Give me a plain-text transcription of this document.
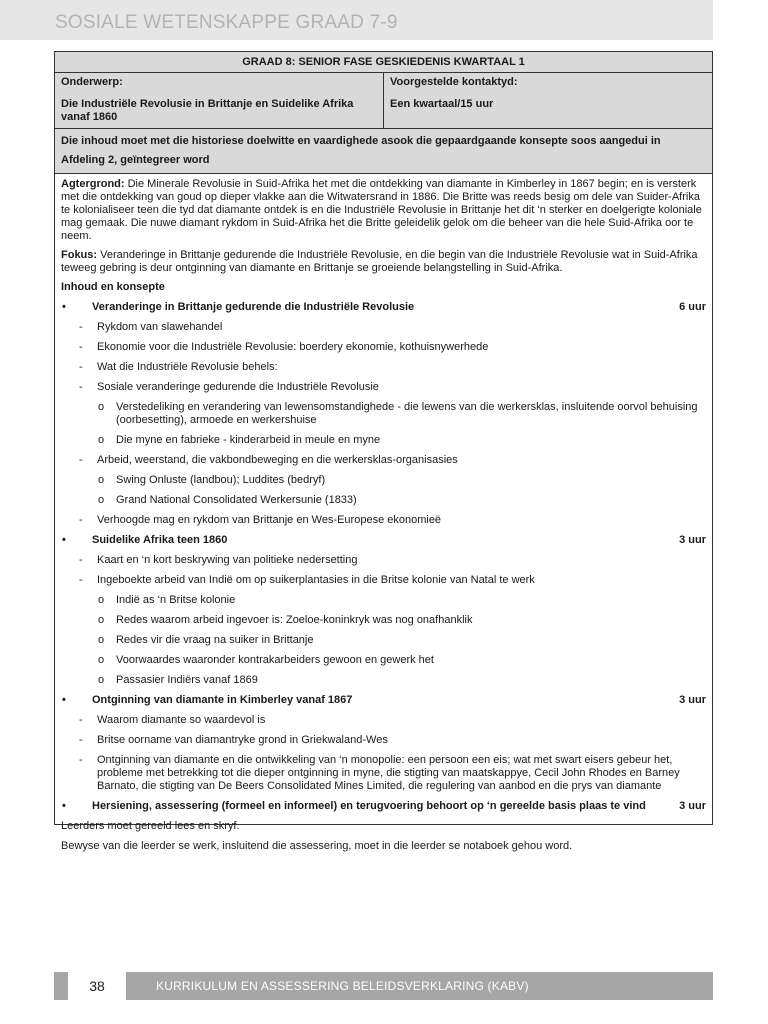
SOSIALE WETENSKAPPE GRAAD 7-9
GRAAD 8: SENIOR FASE GESKIEDENIS KWARTAAL 1
Onderwerp:
Die Industriële Revolusie in Brittanje en Suidelike Afrika vanaf 1860
Voorgestelde kontaktyd:
Een kwartaal/15 uur
Die inhoud moet met die historiese doelwitte en vaardighede asook die gepaardgaande konsepte soos aangedui in Afdeling 2, geïntegreer word

Agtergrond: Die Minerale Revolusie in Suid-Afrika het met die ontdekking van diamante in Kimberley in 1867 begin; en is versterk met die ontdekking van goud op dieper vlakke aan die Witwatersrand in 1886. Die Britte was reeds besig om dele van Suider-Afrika te kolonialiseer teen die tyd dat diamante ontdek is en die Industriële Revolusie in Brittanje het dit ‘n sterker en doelgerigte koloniale mag gemaak. Die nuwe diamant rykdom in Suid-Afrika het die Britte geleidelik gelok om die beheer van die hele Suid-Afrika oor te neem.

Fokus: Veranderinge in Brittanje gedurende die Industriële Revolusie, en die begin van die Industriële Revolusie wat in Suid-Afrika teweeg gebring is deur ontginning van diamante en Brittanje se groeiende belangstelling in Suid-Afrika.

Inhoud en konsepte

•	Veranderinge in Brittanje gedurende die Industriële Revolusie	6 uur
-	Rykdom van slawehandel
-	Ekonomie voor die Industriële Revolusie: boerdery ekonomie, kothuisnywerhede
-	Wat die Industriële Revolusie behels:
-	Sosiale veranderinge gedurende die Industriële Revolusie
o	Verstedeliking en verandering van lewensomstandighede - die lewens van die werkersklas, insluitende oorvol behuising (oorbesetting), armoede en werkershuise
o	Die myne en fabrieke - kinderarbeid in meule en myne
-	Arbeid, weerstand, die vakbondbeweging en die werkersklas-organisasies
o	Swing Onluste (landbou); Luddites (bedryf)
o	Grand National Consolidated Werkersunie (1833)
-	Verhoogde mag en rykdom van Brittanje en Wes-Europese ekonomieë
•	Suidelike Afrika teen 1860	3 uur
-	Kaart en ‘n kort beskrywing van politieke nedersetting
-	Ingeboekte arbeid van Indië om op suikerplantasies in die Britse kolonie van Natal te werk
o	Indië as ‘n Britse kolonie
o	Redes waarom arbeid ingevoer is: Zoeloe-koninkryk was nog onafhanklik
o	Redes vir die vraag na suiker in Brittanje
o	Voorwaardes waaronder kontrakarbeiders gewoon en gewerk het
o	Passasier Indiërs vanaf 1869
•	Ontginning van diamante in Kimberley vanaf 1867	3 uur
-	Waarom diamante so waardevol is
-	Britse oorname van diamantryke grond in Griekwaland-Wes
-	Ontginning van diamante en die ontwikkeling van ‘n monopolie: een persoon een eis; wat met swart eisers gebeur het, probleme met betrekking tot die dieper ontginning in myne, die stigting van maatskappye, Cecil John Rhodes en Barney Barnato, die stigting van De Beers Consolidated Mines Limited, die regulering van aanbod en die prys van diamante
•	Hersiening, assessering (formeel en informeel) en terugvoering behoort op ‘n gereelde basis plaas te vind	3 uur

Leerders moet gereeld lees en skryf.

Bewyse van die leerder se werk, insluitend die assessering, moet in die leerder se notaboek gehou word.

38	KURRIKULUM EN ASSESSERING BELEIDSVERKLARING (KABV)
